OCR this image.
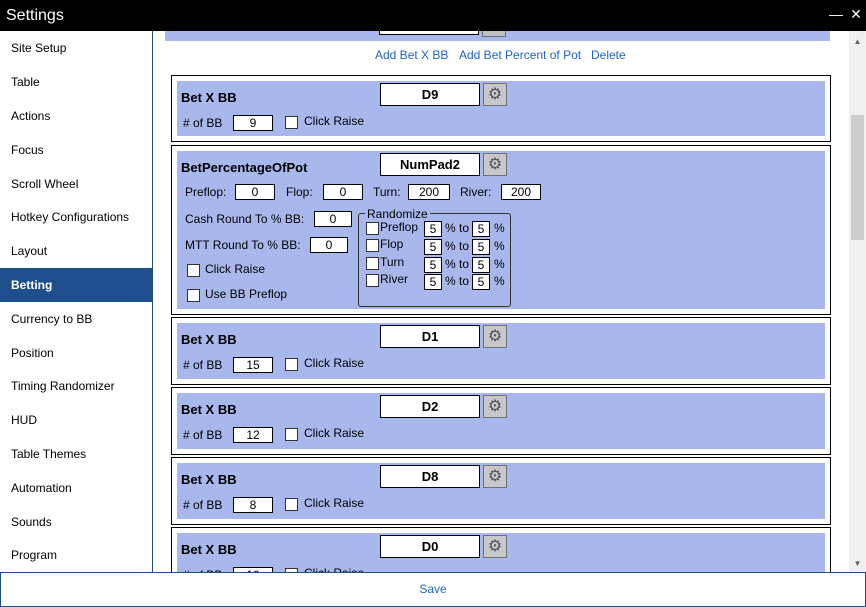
Settings	— ✕
Site Setup
Table
Actions
Focus
Scroll Wheel
Hotkey Configurations
Layout
Betting
Currency to BB
Position
Timing Randomizer
HUD
Table Themes
Automation
Sounds
Program
Add Bet X BB Add Bet Percent of Pot Delete
Bet X BB	D9	⚙
# of BB	9	Click Raise
BetPercentageOfPot	NumPad2	⚙
Preflop:	0	Flop:	0	Turn:	200	River:	200
Cash Round To % BB:	0
MTT Round To % BB:	0
Click Raise
Use BB Preflop
Randomize
Preflop 5 % to 5 %
Flop	5 % to 5 %
Turn	5 % to 5 %
River	5 % to 5 %
Bet X BB	D1	⚙
# of BB	15	Click Raise
Bet X BB	D2	⚙
# of BB	12	Click Raise
Bet X BB	D8	⚙
# of BB	8	Click Raise
Bet X BB	D0	⚙
▲
▼
Save
